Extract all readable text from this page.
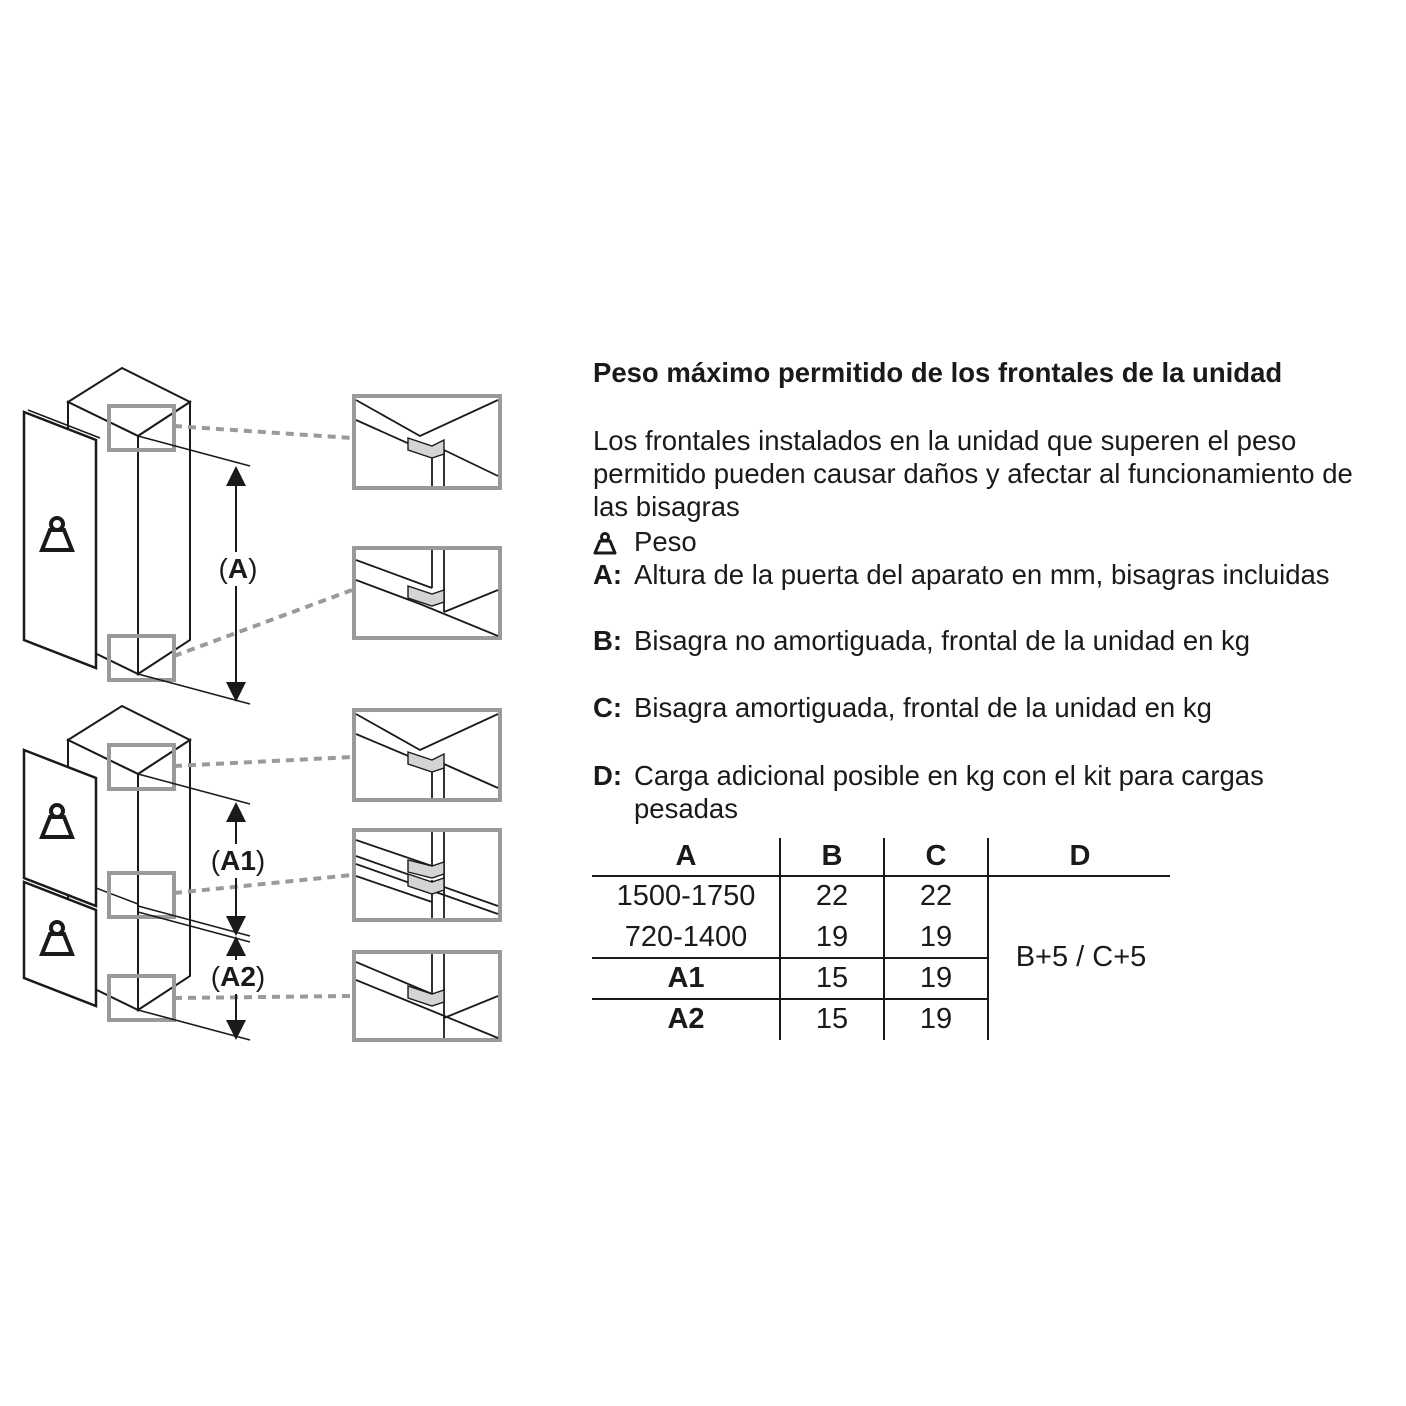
(A)
(A1)
(A2)
Peso máximo permitido de los frontales de la unidad
Los frontales instalados en la unidad que superen el peso permitido pueden causar daños y afectar al funcionamiento de las bisagras
Peso
A: Altura de la puerta del aparato en mm, bisagras incluidas
B: Bisagra no amortiguada, frontal de la unidad en kg
C: Bisagra amortiguada, frontal de la unidad en kg
D: Carga adicional posible en kg con el kit para cargas pesadas
A	B	C	D
1500-1750	22	22
720-1400	19	19
A1	15	19
A2	15	19
B+5 / C+5
